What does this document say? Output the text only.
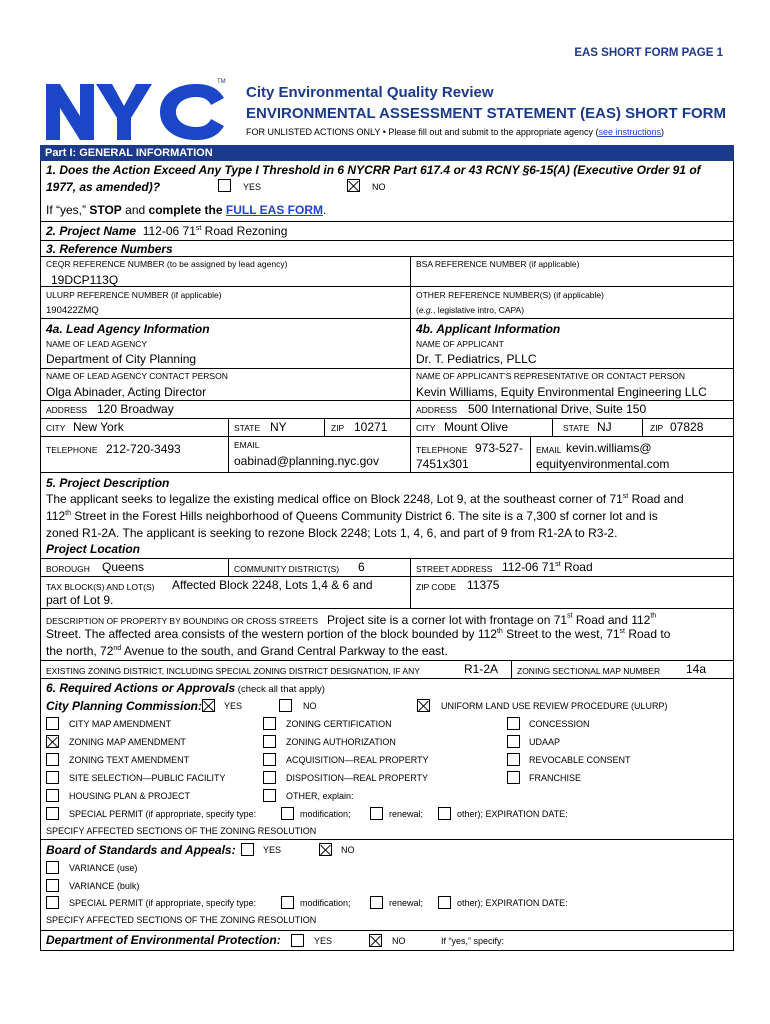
EAS SHORT FORM PAGE 1
TM
City Environmental Quality Review
ENVIRONMENTAL ASSESSMENT STATEMENT (EAS) SHORT FORM
FOR UNLISTED ACTIONS ONLY • Please fill out and submit to the appropriate agency (see instructions)
Part I: GENERAL INFORMATION
1. Does the Action Exceed Any Type I Threshold in 6 NYCRR Part 617.4 or 43 RCNY §6-15(A) (Executive Order 91 of
1977, as amended)?	YES	NO
If “yes,” STOP and complete the FULL EAS FORM.
2. Project Name 112-06 71st Road Rezoning
3. Reference Numbers
CEQR REFERENCE NUMBER (to be assigned by lead agency)
19DCP113Q
BSA REFERENCE NUMBER (if applicable)
ULURP REFERENCE NUMBER (if applicable)
190422ZMQ
OTHER REFERENCE NUMBER(S) (if applicable)
(e.g., legislative intro, CAPA)
4a. Lead Agency Information
NAME OF LEAD AGENCY
Department of City Planning
4b. Applicant Information
NAME OF APPLICANT
Dr. T. Pediatrics, PLLC
NAME OF LEAD AGENCY CONTACT PERSON
Olga Abinader, Acting Director
NAME OF APPLICANT’S REPRESENTATIVE OR CONTACT PERSON
Kevin Williams, Equity Environmental Engineering LLC
ADDRESS 120 Broadway	ADDRESS 500 International Drive, Suite 150
CITY New York	STATE NY	ZIP 10271	CITY Mount Olive	STATE NJ	ZIP 07828
TELEPHONE 212-720-3493	EMAIL
oabinad@planning.nyc.gov
TELEPHONE 973-527-
7451x301
EMAIL kevin.williams@
equityenvironmental.com
5. Project Description
The applicant seeks to legalize the existing medical office on Block 2248, Lot 9, at the southeast corner of 71st Road and
112th Street in the Forest Hills neighborhood of Queens Community District 6. The site is a 7,300 sf corner lot and is
zoned R1-2A. The applicant is seeking to rezone Block 2248; Lots 1, 4, 6, and part of 9 from R1-2A to R3-2.
Project Location
BOROUGH Queens	COMMUNITY DISTRICT(S) 6	STREET ADDRESS 112-06 71st Road
TAX BLOCK(S) AND LOT(S) Affected Block 2248, Lots 1,4 & 6 and
part of Lot 9.
ZIP CODE 11375
DESCRIPTION OF PROPERTY BY BOUNDING OR CROSS STREETS Project site is a corner lot with frontage on 71st Road and 112th
Street. The affected area consists of the western portion of the block bounded by 112th Street to the west, 71st Road to
the north, 72nd Avenue to the south, and Grand Central Parkway to the east.
EXISTING ZONING DISTRICT, INCLUDING SPECIAL ZONING DISTRICT DESIGNATION, IF ANY	R1-2A ZONING SECTIONAL MAP NUMBER 14a
6. Required Actions or Approvals (check all that apply)
City Planning Commission: YES	NO	UNIFORM LAND USE REVIEW PROCEDURE (ULURP)
CITY MAP AMENDMENT
ZONING MAP AMENDMENT
ZONING TEXT AMENDMENT
SITE SELECTION—PUBLIC FACILITY
HOUSING PLAN & PROJECT
ZONING CERTIFICATION
ZONING AUTHORIZATION
ACQUISITION—REAL PROPERTY
DISPOSITION—REAL PROPERTY
OTHER, explain:
CONCESSION
UDAAP
REVOCABLE CONSENT
FRANCHISE
SPECIAL PERMIT (if appropriate, specify type:	modification;	renewal;	other); EXPIRATION DATE:
SPECIFY AFFECTED SECTIONS OF THE ZONING RESOLUTION
Board of Standards and Appeals:	YES	NO
VARIANCE (use)
VARIANCE (bulk)
SPECIAL PERMIT (if appropriate, specify type:	modification;	renewal;	other); EXPIRATION DATE:
SPECIFY AFFECTED SECTIONS OF THE ZONING RESOLUTION
Department of Environmental Protection:	YES	NO	If “yes,” specify:
